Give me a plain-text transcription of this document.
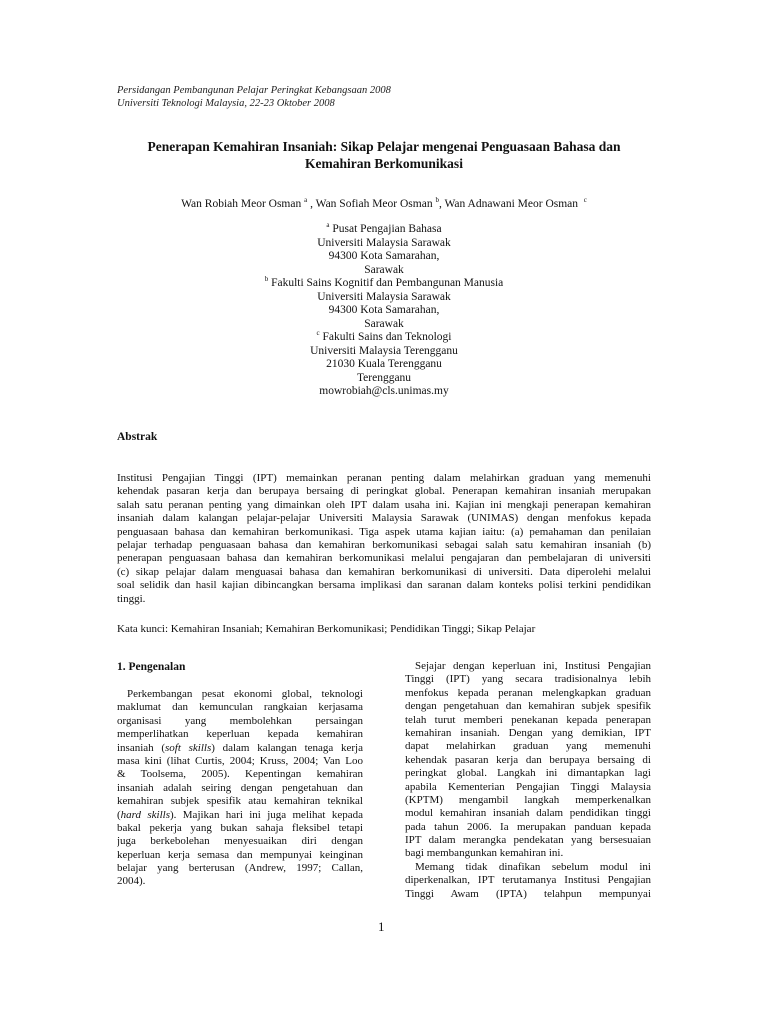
Persidangan Pembangunan Pelajar Peringkat Kebangsaan 2008
Universiti Teknologi Malaysia, 22-23 Oktober 2008
Penerapan Kemahiran Insaniah: Sikap Pelajar mengenai Penguasaan Bahasa dan
Kemahiran Berkomunikasi
Wan Robiah Meor Osman $^a$ , Wan Sofiah Meor Osman $^b$, Wan Adnawani Meor Osman $^c$
$^a$ Pusat Pengajian Bahasa
Universiti Malaysia Sarawak
94300 Kota Samarahan,
Sarawak
$^b$ Fakulti Sains Kognitif dan Pembangunan Manusia
Universiti Malaysia Sarawak
94300 Kota Samarahan,
Sarawak
$^c$ Fakulti Sains dan Teknologi
Universiti Malaysia Terengganu
21030 Kuala Terengganu
Terengganu
mowrobiah@cls.unimas.my
Abstrak
Institusi Pengajian Tinggi (IPT) memainkan peranan penting dalam melahirkan graduan yang memenuhi
kehendak pasaran kerja dan berupaya bersaing di peringkat global. Penerapan kemahiran insaniah merupakan
salah satu peranan penting yang dimainkan oleh IPT dalam usaha ini. Kajian ini mengkaji penerapan kemahiran
insaniah dalam kalangan pelajar-pelajar Universiti Malaysia Sarawak (UNIMAS) dengan menfokus kepada
penguasaan bahasa dan kemahiran berkomunikasi. Tiga aspek utama kajian iaitu: (a) pemahaman dan penilaian
pelajar terhadap penguasaan bahasa dan kemahiran berkomunikasi sebagai salah satu kemahiran insaniah (b)
penerapan penguasaan bahasa dan kemahiran berkomunikasi melalui pengajaran dan pembelajaran di universiti
(c) sikap pelajar dalam menguasai bahasa dan kemahiran berkomunikasi di universiti. Data diperolehi melalui
soal selidik dan hasil kajian dibincangkan bersama implikasi dan saranan dalam konteks polisi terkini pendidikan
tinggi.
Kata kunci: Kemahiran Insaniah; Kemahiran Berkomunikasi; Pendidikan Tinggi; Sikap Pelajar
1. Pengenalan
Perkembangan pesat ekonomi global, teknologi
maklumat dan kemunculan rangkaian kerjasama
organisasi yang membolehkan persaingan
memperlihatkan keperluan kepada kemahiran
insaniah (soft skills) dalam kalangan tenaga kerja
masa kini (lihat Curtis, 2004; Kruss, 2004; Van Loo
& Toolsema, 2005). Kepentingan kemahiran
insaniah adalah seiring dengan pengetahuan dan
kemahiran subjek spesifik atau kemahiran teknikal
(hard skills). Majikan hari ini juga melihat kepada
bakal pekerja yang bukan sahaja fleksibel tetapi
juga berkebolehan menyesuaikan diri dengan
keperluan kerja semasa dan mempunyai keinginan
belajar yang berterusan (Andrew, 1997; Callan,
2004).
Sejajar dengan keperluan ini, Institusi Pengajian
Tinggi (IPT) yang secara tradisionalnya lebih
menfokus kepada peranan melengkapkan graduan
dengan pengetahuan dan kemahiran subjek spesifik
telah turut memberi penekanan kepada penerapan
kemahiran insaniah. Dengan yang demikian, IPT
dapat melahirkan graduan yang memenuhi
kehendak pasaran kerja dan berupaya bersaing di
peringkat global. Langkah ini dimantapkan lagi
apabila Kementerian Pengajian Tinggi Malaysia
(KPTM) mengambil langkah memperkenalkan
modul kemahiran insaniah dalam pendidikan tinggi
pada tahun 2006. Ia merupakan panduan kepada
IPT dalam merangka pendekatan yang bersesuaian
bagi membangunkan kemahiran ini.
Memang tidak dinafikan sebelum modul ini
diperkenalkan, IPT terutamanya Institusi Pengajian
Tinggi Awam (IPTA) telahpun mempunyai
1
